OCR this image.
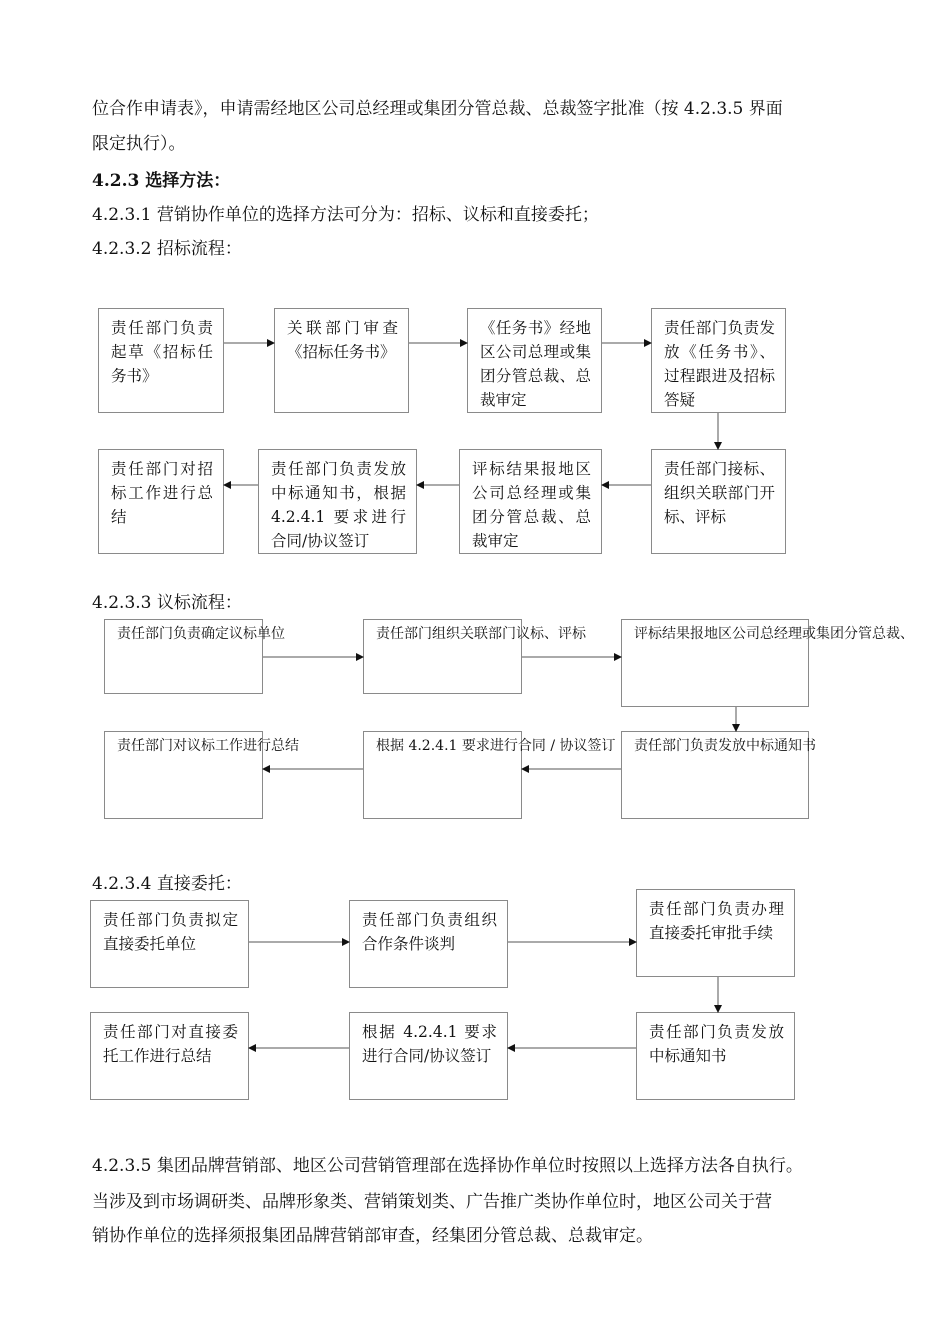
位合作申请表》，申请需经地区公司总经理或集团分管总裁、总裁签字批准（按 4.2.3.5 界面
限定执行）。
4.2.3 选择方法：
4.2.3.1 营销协作单位的选择方法可分为：招标、议标和直接委托；
4.2.3.2 招标流程：
责任部门负责起草《招标任务书》
关联部门审查《招标任务书》
《任务书》经地区公司总理或集团分管总裁、总裁审定
责任部门负责发放《任务书》、过程跟进及招标答疑
责任部门接标、组织关联部门开标、评标
评标结果报地区公司总经理或集团分管总裁、总裁审定
责任部门负责发放中标通知书，根据 4.2.4.1 要求进行合同/协议签订
责任部门对招标工作进行总结
4.2.3.3 议标流程：
责任部门负责确定议标单位	责任部门组织关联部门议标、评标	评标结果报地区公司总经理或集团分管总裁、
责任部门负责发放中标通知书
根据 4.2.4.1 要求进行合同 / 协议签订
责任部门对议标工作进行总结
4.2.3.4 直接委托：
责任部门负责拟定直接委托单位
责任部门负责组织合作条件谈判
责任部门负责办理直接委托审批手续
责任部门负责发放中标通知书
根据 4.2.4.1 要求进行合同/协议签订
责任部门对直接委托工作进行总结
4.2.3.5 集团品牌营销部、地区公司营销管理部在选择协作单位时按照以上选择方法各自执行。
当涉及到市场调研类、品牌形象类、营销策划类、广告推广类协作单位时，地区公司关于营
销协作单位的选择须报集团品牌营销部审查，经集团分管总裁、总裁审定。
